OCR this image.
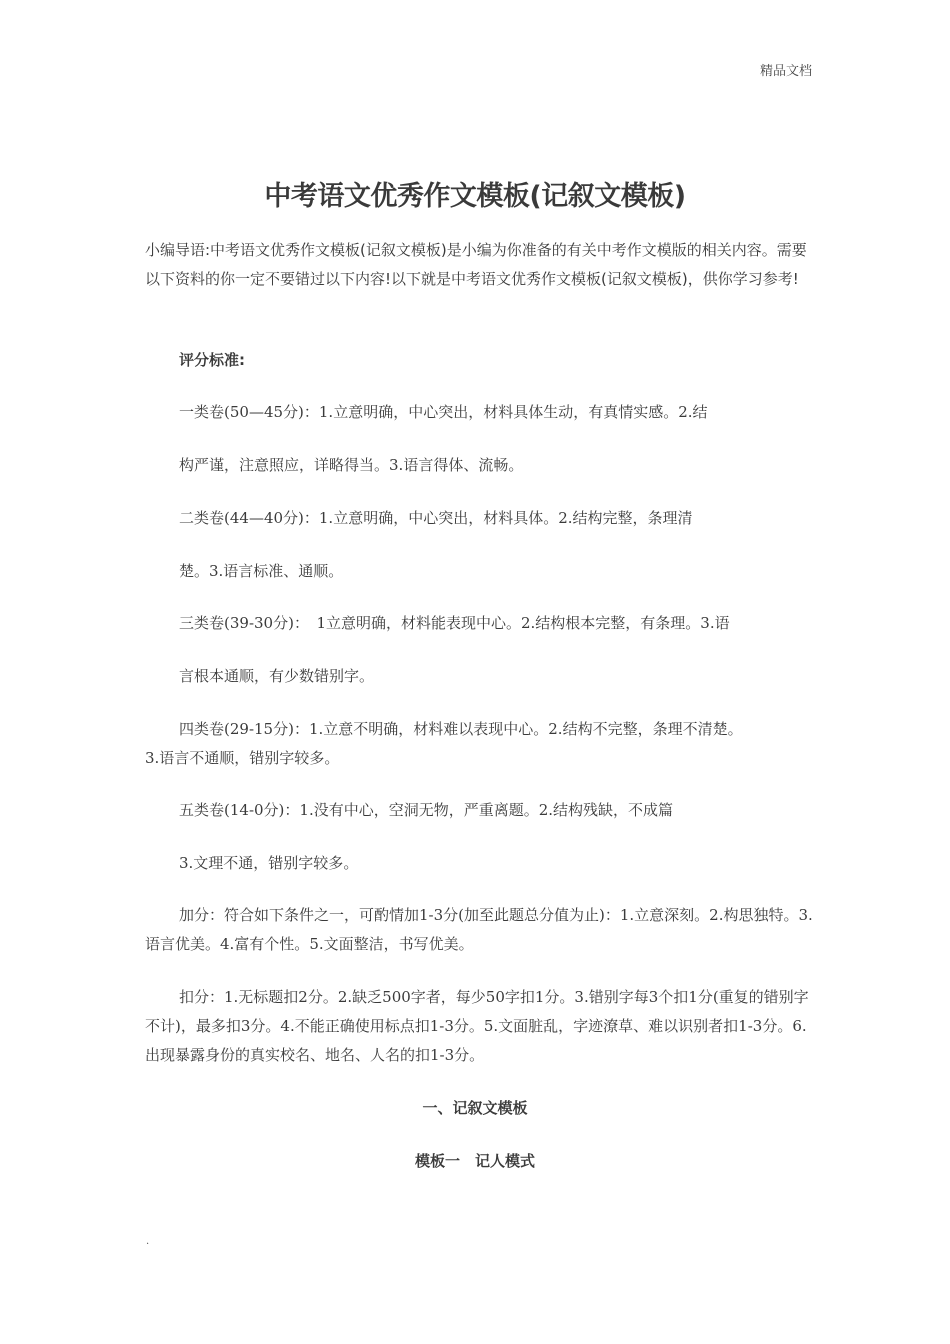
精品文档
中考语文优秀作文模板(记叙文模板)

小编导语:中考语文优秀作文模板(记叙文模板)是小编为你准备的有关中考作文模版的相关内容。需要以下资料的你一定不要错过以下内容!以下就是中考语文优秀作文模板(记叙文模板)，供你学习参考!

评分标准:

一类卷(50—45分)：1.立意明确，中心突出，材料具体生动，有真情实感。2.结

构严谨，注意照应，详略得当。3.语言得体、流畅。

二类卷(44—40分)：1.立意明确，中心突出，材料具体。2.结构完整，条理清

楚。3.语言标准、通顺。

三类卷(39-30分)：　1立意明确，材料能表现中心。2.结构根本完整，有条理。3.语

言根本通顺，有少数错别字。

四类卷(29-15分)：1.立意不明确，材料难以表现中心。2.结构不完整，条理不清楚。

3.语言不通顺，错别字较多。

五类卷(14-0分)：1.没有中心，空洞无物，严重离题。2.结构残缺，不成篇

3.文理不通，错别字较多。

加分：符合如下条件之一，可酌情加1-3分(加至此题总分值为止)：1.立意深刻。2.构思独特。3.语言优美。4.富有个性。5.文面整洁，书写优美。

扣分：1.无标题扣2分。2.缺乏500字者，每少50字扣1分。3.错别字每3个扣1分(重复的错别字不计)，最多扣3分。4.不能正确使用标点扣1-3分。5.文面脏乱，字迹潦草、难以识别者扣1-3分。6.出现暴露身份的真实校名、地名、人名的扣1-3分。

一、记叙文模板
模板一　记人模式
.
